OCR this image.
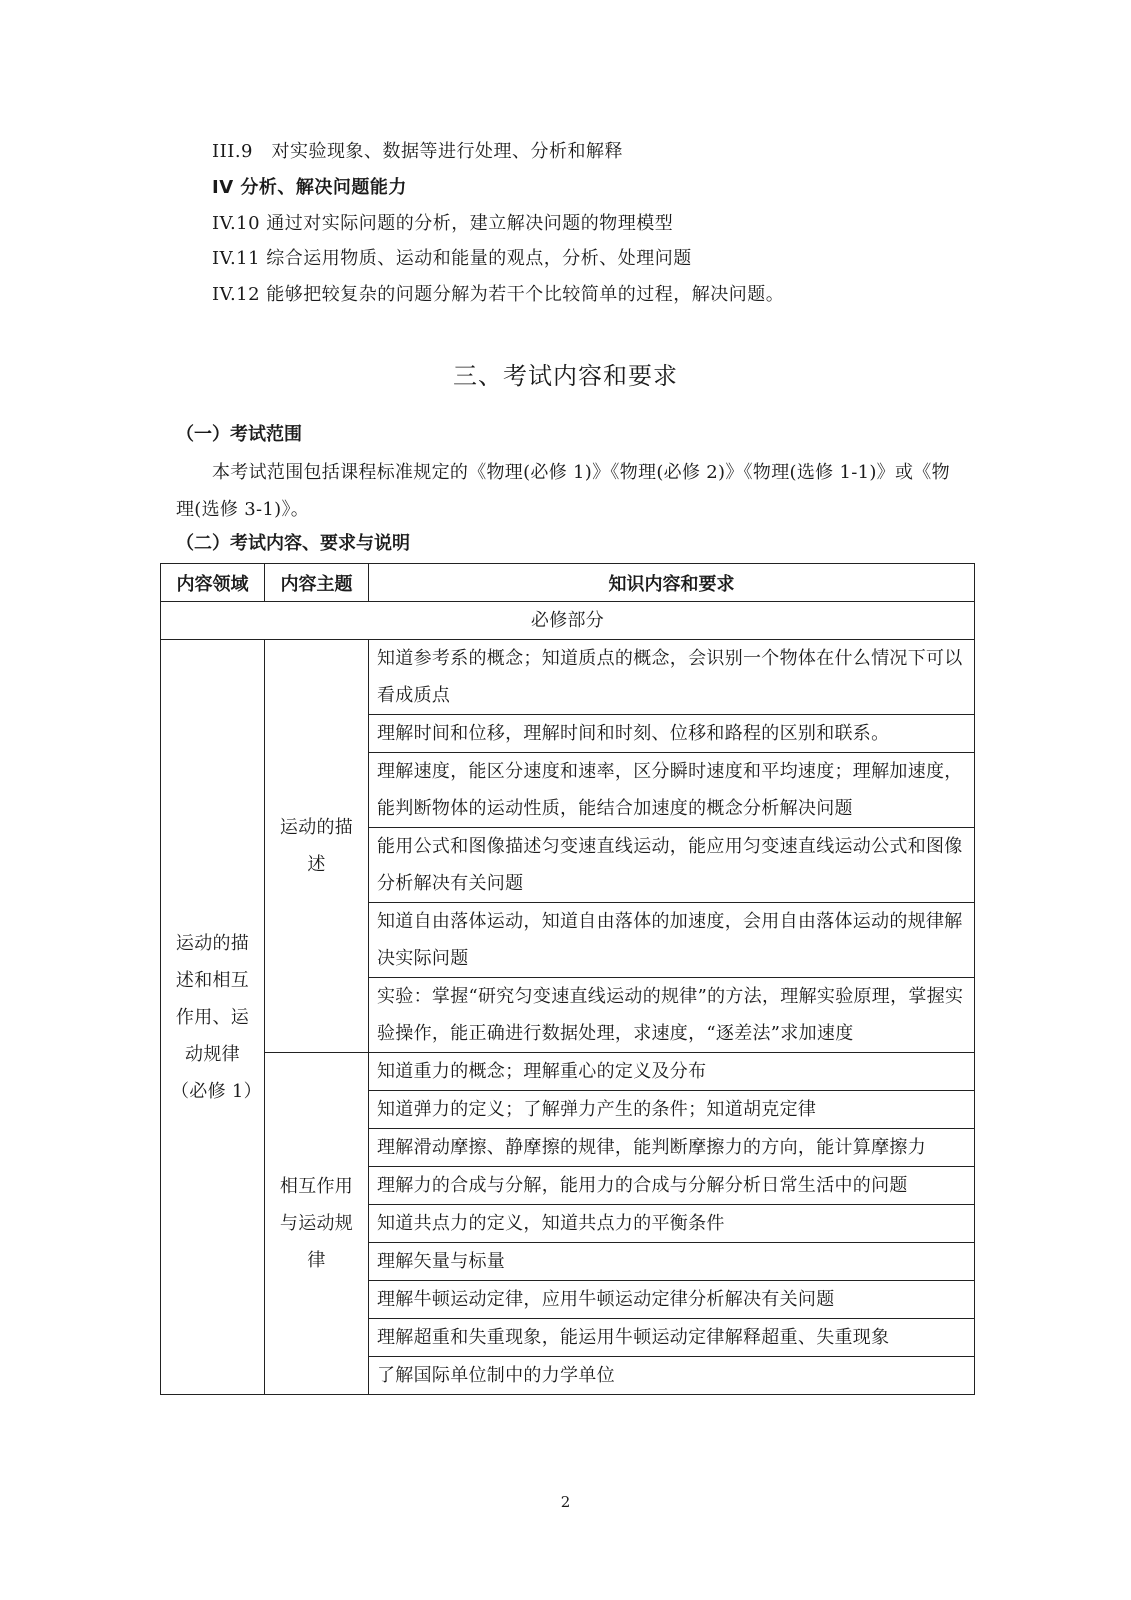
III.9　对实验现象、数据等进行处理、分析和解释
IV 分析、解决问题能力
IV.10 通过对实际问题的分析，建立解决问题的物理模型
IV.11 综合运用物质、运动和能量的观点，分析、处理问题
IV.12 能够把较复杂的问题分解为若干个比较简单的过程，解决问题。
三、考试内容和要求
（一）考试范围
本考试范围包括课程标准规定的《物理(必修 1)》《物理(必修 2)》《物理(选修 1-1)》或《物理(选修 3-1)》。
（二）考试内容、要求与说明
内容领域	内容主题	知识内容和要求
必修部分		
运动的描述和相互作用、运动规律（必修 1）	运动的描述	知道参考系的概念；知道质点的概念，会识别一个物体在什么情况下可以看成质点
		理解时间和位移，理解时间和时刻、位移和路程的区别和联系。
		理解速度，能区分速度和速率，区分瞬时速度和平均速度；理解加速度，能判断物体的运动性质，能结合加速度的概念分析解决问题
		能用公式和图像描述匀变速直线运动，能应用匀变速直线运动公式和图像分析解决有关问题
		知道自由落体运动，知道自由落体的加速度，会用自由落体运动的规律解决实际问题
		实验：掌握“研究匀变速直线运动的规律”的方法，理解实验原理，掌握实验操作，能正确进行数据处理，求速度，“逐差法”求加速度
	相互作用与运动规律	知道重力的概念；理解重心的定义及分布
		知道弹力的定义；了解弹力产生的条件；知道胡克定律
		理解滑动摩擦、静摩擦的规律，能判断摩擦力的方向，能计算摩擦力
		理解力的合成与分解，能用力的合成与分解分析日常生活中的问题
		知道共点力的定义，知道共点力的平衡条件
		理解矢量与标量
		理解牛顿运动定律，应用牛顿运动定律分析解决有关问题
		理解超重和失重现象，能运用牛顿运动定律解释超重、失重现象
		了解国际单位制中的力学单位
2
